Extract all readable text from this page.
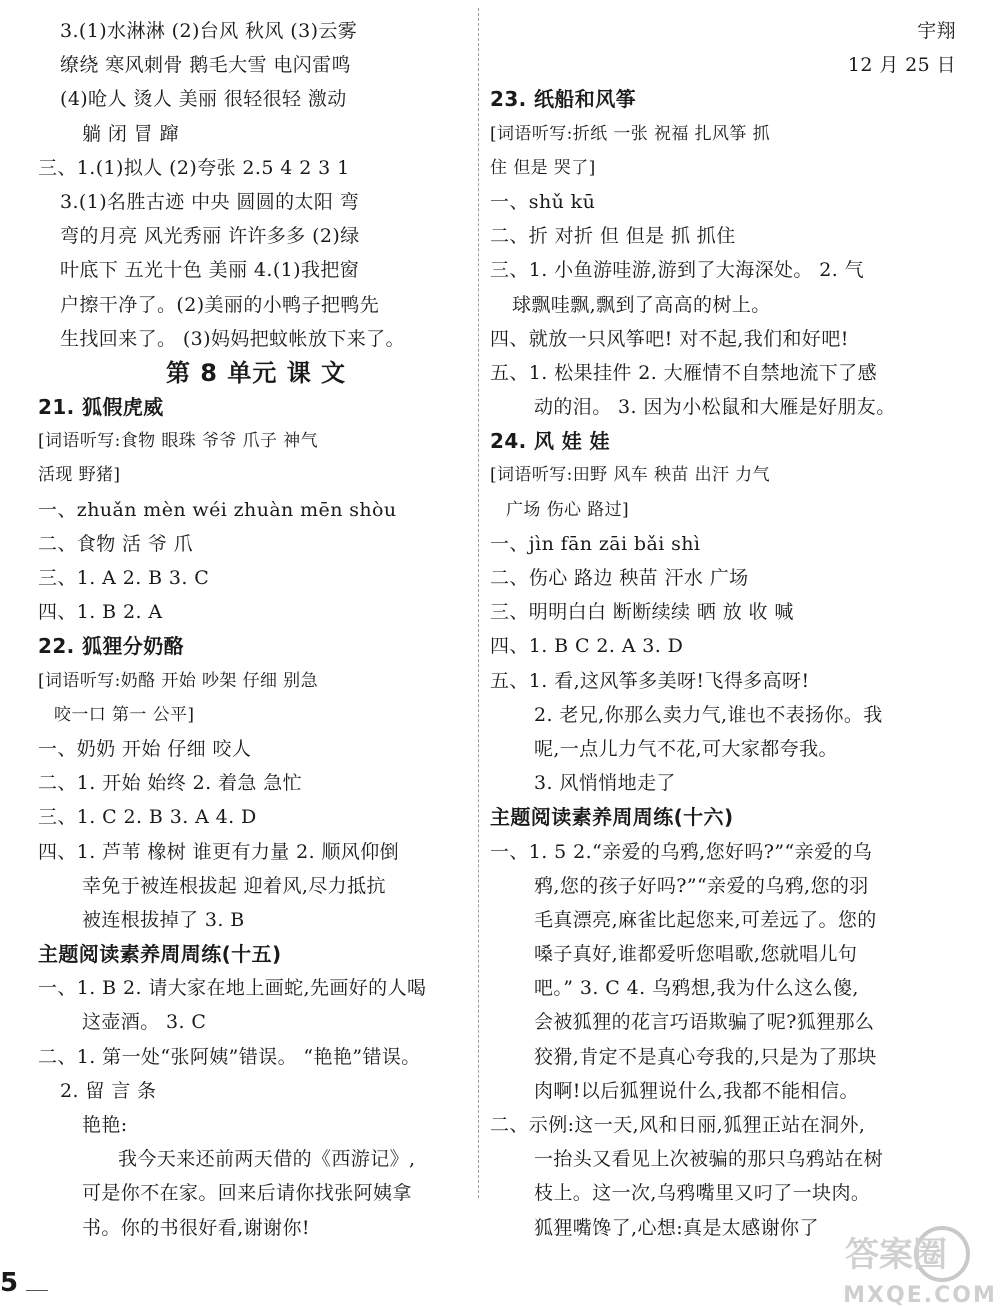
3.(1)水淋淋 (2)台风 秋风 (3)云雾
缭绕 寒风刺骨 鹅毛大雪 电闪雷鸣
(4)呛人 烫人 美丽 很轻很轻 激动
躺 闭 冒 蹿
三、1.(1)拟人 (2)夸张 2.5 4 2 3 1
3.(1)名胜古迹 中央 圆圆的太阳 弯
弯的月亮 风光秀丽 许许多多 (2)绿
叶底下 五光十色 美丽 4.(1)我把窗
户擦干净了。(2)美丽的小鸭子把鸭先
生找回来了。 (3)妈妈把蚊帐放下来了。
第 8 单元 课 文
21. 狐假虎威
[词语听写:食物 眼珠 爷爷 爪子 神气
活现 野猪]
一、zhuǎn mèn wéi zhuàn mēn shòu
二、食物 活 爷 爪
三、1. A 2. B 3. C
四、1. B 2. A
22. 狐狸分奶酪
[词语听写:奶酪 开始 吵架 仔细 别急
咬一口 第一 公平]
一、奶奶 开始 仔细 咬人
二、1. 开始 始终 2. 着急 急忙
三、1. C 2. B 3. A 4. D
四、1. 芦苇 橡树 谁更有力量 2. 顺风仰倒
幸免于被连根拔起 迎着风,尽力抵抗
被连根拔掉了 3. B
主题阅读素养周周练(十五)
一、1. B 2. 请大家在地上画蛇,先画好的人喝
这壶酒。 3. C
二、1. 第一处“张阿姨”错误。 “艳艳”错误。
2. 留 言 条
艳艳:
我今天来还前两天借的《西游记》,
可是你不在家。回来后请你找张阿姨拿
书。你的书很好看,谢谢你!
宇翔
12 月 25 日
23. 纸船和风筝
[词语听写:折纸 一张 祝福 扎风筝 抓
住 但是 哭了]
一、shǔ kū
二、折 对折 但 但是 抓 抓住
三、1. 小鱼游哇游,游到了大海深处。 2. 气
球飘哇飘,飘到了高高的树上。
四、就放一只风筝吧! 对不起,我们和好吧!
五、1. 松果挂件 2. 大雁情不自禁地流下了感
动的泪。 3. 因为小松鼠和大雁是好朋友。
24. 风 娃 娃
[词语听写:田野 风车 秧苗 出汗 力气
广场 伤心 路过]
一、jìn fān zāi bǎi shì
二、伤心 路边 秧苗 汗水 广场
三、明明白白 断断续续 晒 放 收 喊
四、1. B C 2. A 3. D
五、1. 看,这风筝多美呀!飞得多高呀!
2. 老兄,你那么卖力气,谁也不表扬你。我
呢,一点儿力气不花,可大家都夸我。
3. 风悄悄地走了
主题阅读素养周周练(十六)
一、1. 5 2.“亲爱的乌鸦,您好吗?”“亲爱的乌
鸦,您的孩子好吗?”“亲爱的乌鸦,您的羽
毛真漂亮,麻雀比起您来,可差远了。您的
嗓子真好,谁都爱听您唱歌,您就唱儿句
吧。” 3. C 4. 乌鸦想,我为什么这么傻,
会被狐狸的花言巧语欺骗了呢?狐狸那么
狡猾,肯定不是真心夸我的,只是为了那块
肉啊!以后狐狸说什么,我都不能相信。
二、示例:这一天,风和日丽,狐狸正站在洞外,
一抬头又看见上次被骗的那只乌鸦站在树
枝上。这一次,乌鸦嘴里又叼了一块肉。
狐狸嘴馋了,心想:真是太感谢你了
5
答案圈
MXQE.COM
